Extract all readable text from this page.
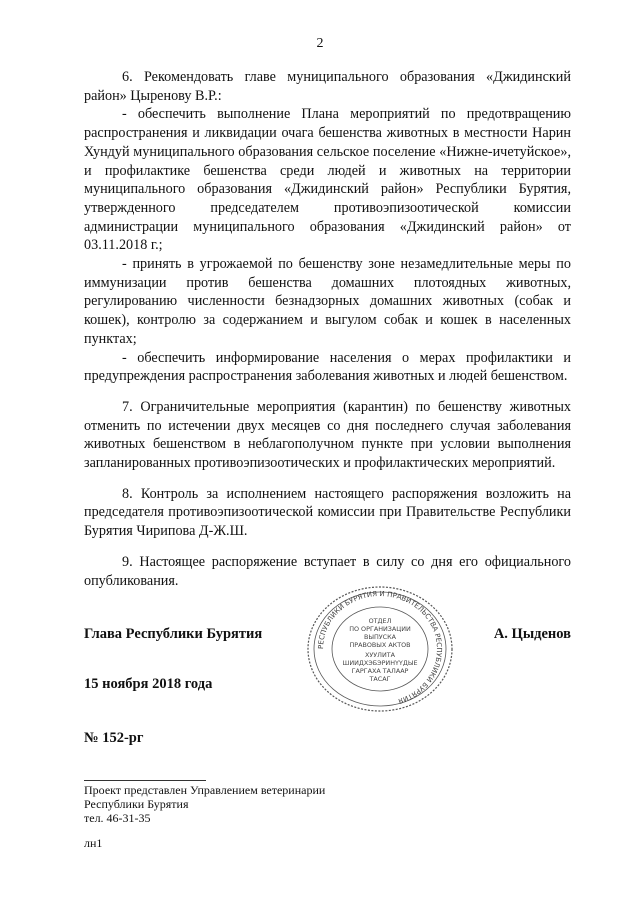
2

6. Рекомендовать главе муниципального образования «Джидинский район» Цыренову В.Р.:

- обеспечить выполнение Плана мероприятий по предотвращению распространения и ликвидации очага бешенства животных в местности Нарин Хундуй муниципального образования сельское поселение «Нижне-ичетуйское», и профилактике бешенства среди людей и животных на территории муниципального образования «Джидинский район» Республики Бурятия, утвержденного председателем противоэпизоотической комиссии администрации муниципального образования «Джидинский район» от 03.11.2018 г.;

- принять в угрожаемой по бешенству зоне незамедлительные меры по иммунизации против бешенства домашних плотоядных животных, регулированию численности безнадзорных домашних животных (собак и кошек), контролю за содержанием и выгулом собак и кошек в населенных пунктах;

- обеспечить информирование населения о мерах профилактики и предупреждения распространения заболевания животных и людей бешенством.

7. Ограничительные мероприятия (карантин) по бешенству животных отменить по истечении двух месяцев со дня последнего случая заболевания животных бешенством в неблагополучном пункте при условии выполнения запланированных противоэпизоотических и профилактических мероприятий.

8. Контроль за исполнением настоящего распоряжения возложить на председателя противоэпизоотической комиссии при Правительстве Республики Бурятия Чирипова Д-Ж.Ш.

9. Настоящее распоряжение вступает в силу со дня его официального опубликования.

Глава Республики Бурятия	А. Цыденов
15 ноября 2018 года
№ 152-рг
РЕСПУБЛИКИ БУРЯТИЯ И ПРАВИТЕЛЬСТВА РЕСПУБЛИКИ БУРЯТИЯ
ОТДЕЛ
ПО ОРГАНИЗАЦИИ
ВЫПУСКА
ПРАВОВЫХ АКТОВ
ХУУЛИТА
ШИИДХЭБЭРИНҮҮДЫЕ
ГАРГАХА ТАЛААР
ТАСАГ
Проект представлен Управлением ветеринарии
Республики Бурятия
тел. 46-31-35
лн1
